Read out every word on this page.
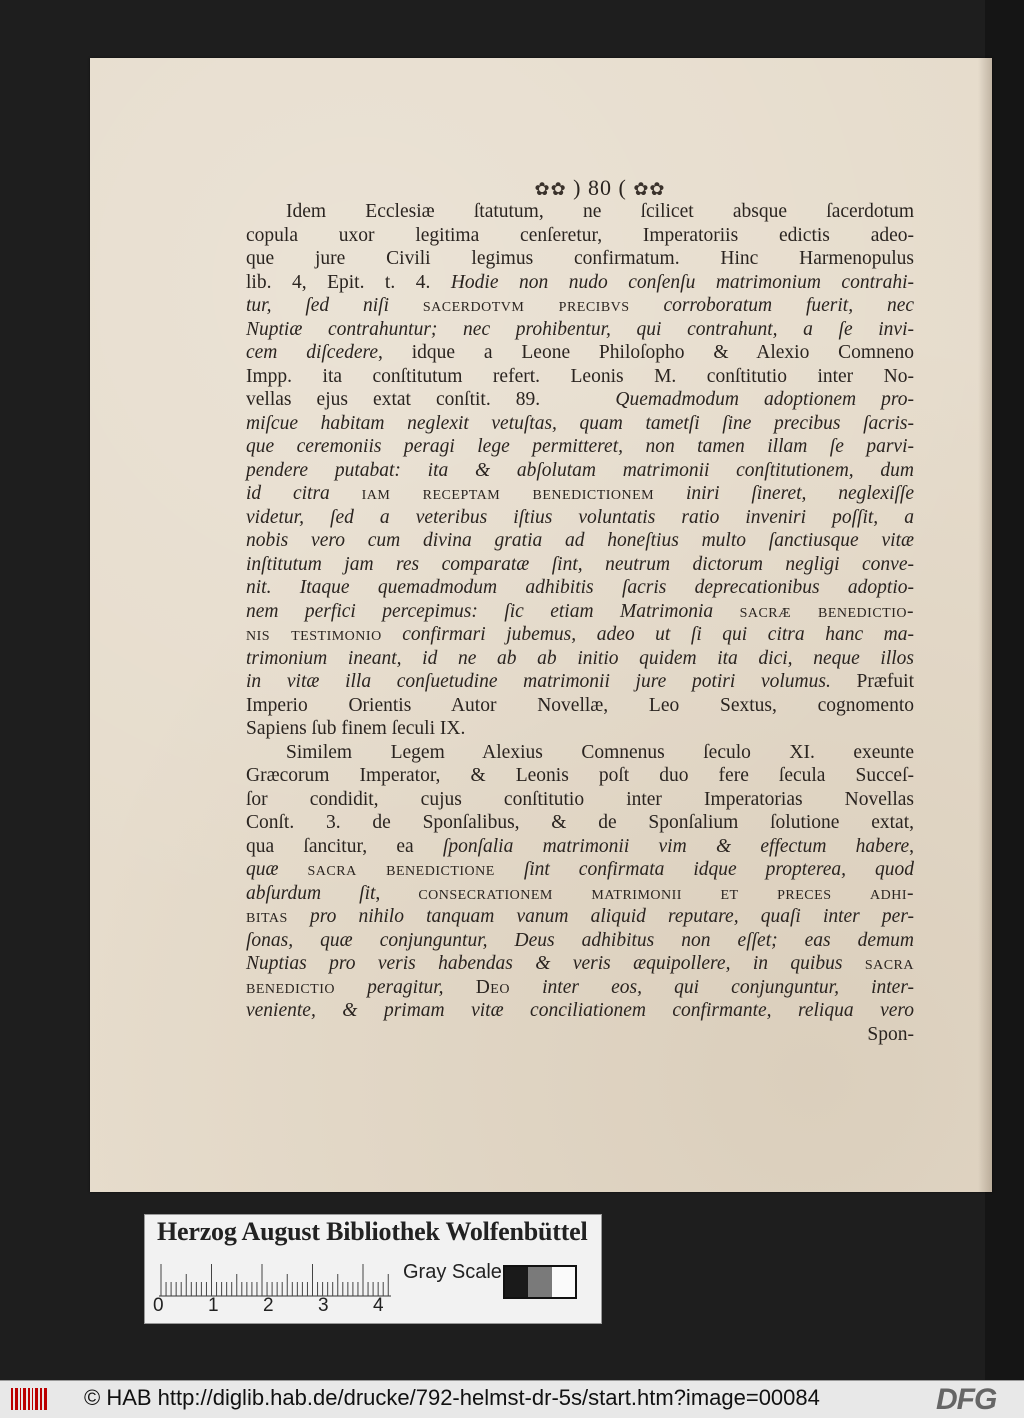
✿✿ ) 80 ( ✿✿
Idem Ecclesiæ ſtatutum, ne ſcilicet absque ſacerdotum
copula uxor legitima cenſeretur, Imperatoriis edictis adeo-
que jure Civili legimus confirmatum. Hinc Harmenopulus
lib. 4, Epit. t. 4. Hodie non nudo conſenſu matrimonium contrahi-
tur, ſed niſi sacerdotvm precibvs corroboratum fuerit, nec
Nuptiæ contrahuntur; nec prohibentur, qui contrahunt, a ſe invi-
cem diſcedere, idque a Leone Philoſopho & Alexio Comneno
Impp. ita conſtitutum refert. Leonis M. conſtitutio inter No-
vellas ejus extat conſtit. 89.   Quemadmodum adoptionem pro-
miſcue habitam neglexit vetuſtas, quam tametſi ſine precibus ſacris-
que ceremoniis peragi lege permitteret, non tamen illam ſe parvi-
pendere putabat: ita & abſolutam matrimonii conſtitutionem, dum
id citra iam receptam benedictionem iniri ſineret, neglexiſſe
videtur, ſed a veteribus iſtius voluntatis ratio inveniri poſſit, a
nobis vero cum divina gratia ad honeſtius multo ſanctiusque vitæ
inſtitutum jam res comparatæ ſint, neutrum dictorum negligi conve-
nit. Itaque quemadmodum adhibitis ſacris deprecationibus adoptio-
nem perfici percepimus: ſic etiam Matrimonia sacræ benedictio-
nis testimonio confirmari jubemus, adeo ut ſi qui citra hanc ma-
trimonium ineant, id ne ab ab initio quidem ita dici, neque illos
in vitæ illa conſuetudine matrimonii jure potiri volumus. Præfuit
Imperio Orientis Autor Novellæ, Leo Sextus, cognomento
Sapiens ſub finem ſeculi IX.
Similem Legem Alexius Comnenus ſeculo XI. exeunte
Græcorum Imperator, & Leonis poſt duo fere ſecula Succeſ-
ſor condidit, cujus conſtitutio inter Imperatorias Novellas
Conſt. 3. de Sponſalibus, & de Sponſalium ſolutione extat,
qua ſancitur, ea ſponſalia matrimonii vim & effectum habere,
quæ sacra benedictione ſint confirmata idque propterea, quod
abſurdum ſit, consecrationem matrimonii et preces adhi-
bitas pro nihilo tanquam vanum aliquid reputare, quaſi inter per-
ſonas, quæ conjunguntur, Deus adhibitus non eſſet; eas demum
Nuptias pro veris habendas & veris æquipollere, in quibus sacra
benedictio peragitur, Deo inter eos, qui conjunguntur, inter-
veniente, & primam vitæ conciliationem confirmante, reliqua vero
Spon-
Herzog August Bibliothek Wolfenbüttel
0 1 2 3 4
Gray Scale
© HAB http://diglib.hab.de/drucke/792-helmst-dr-5s/start.htm?image=00084	DFG
